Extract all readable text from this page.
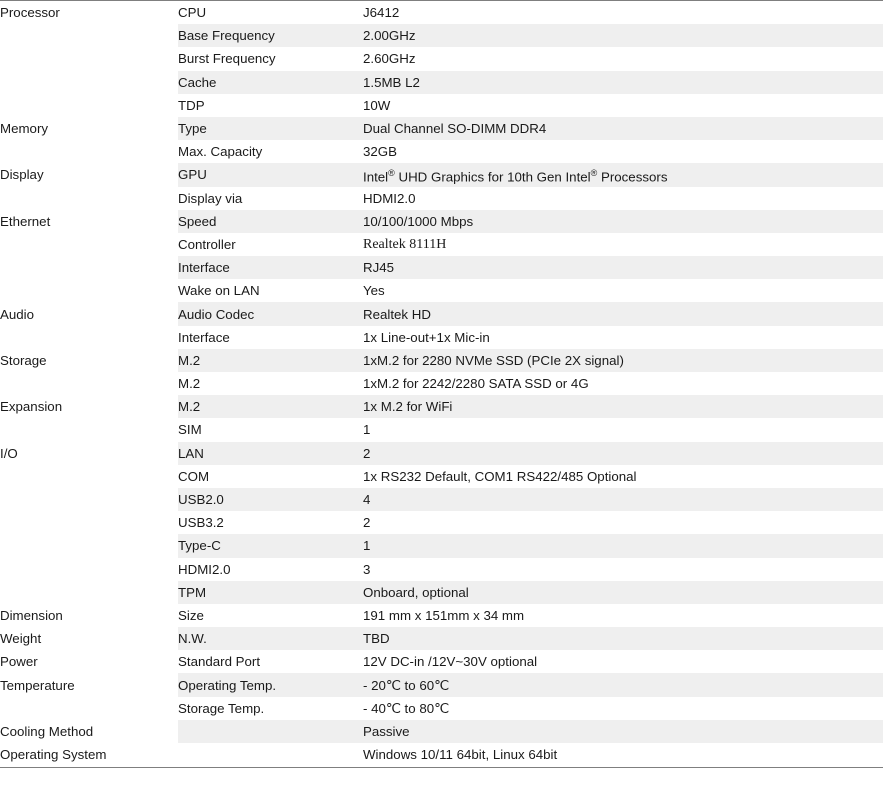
Processor	CPU	J6412
	Base Frequency	2.00GHz
	Burst Frequency	2.60GHz
	Cache	1.5MB L2
	TDP	10W
Memory	Type	Dual Channel SO-DIMM DDR4
	Max. Capacity	32GB
Display	GPU	Intel® UHD Graphics for 10th Gen Intel® Processors
	Display via	HDMI2.0
Ethernet	Speed	10/100/1000 Mbps
	Controller	Realtek 8111H
	Interface	RJ45
	Wake on LAN	Yes
Audio	Audio Codec	Realtek HD
	Interface	1x Line-out+1x Mic-in
Storage	M.2	1xM.2 for 2280 NVMe SSD (PCIe 2X signal)
	M.2	1xM.2 for 2242/2280 SATA SSD or 4G
Expansion	M.2	1x M.2 for WiFi
	SIM	1
I/O	LAN	2
	COM	1x RS232 Default, COM1 RS422/485 Optional
	USB2.0	4
	USB3.2	2
	Type-C	1
	HDMI2.0	3
	TPM	Onboard, optional
Dimension	Size	191 mm x 151mm x 34 mm
Weight	N.W.	TBD
Power	Standard Port	12V DC-in /12V~30V optional
Temperature	Operating Temp.	- 20℃ to 60℃
	Storage Temp.	- 40℃ to 80℃
Cooling Method		Passive
Operating System		Windows 10/11 64bit, Linux 64bit
